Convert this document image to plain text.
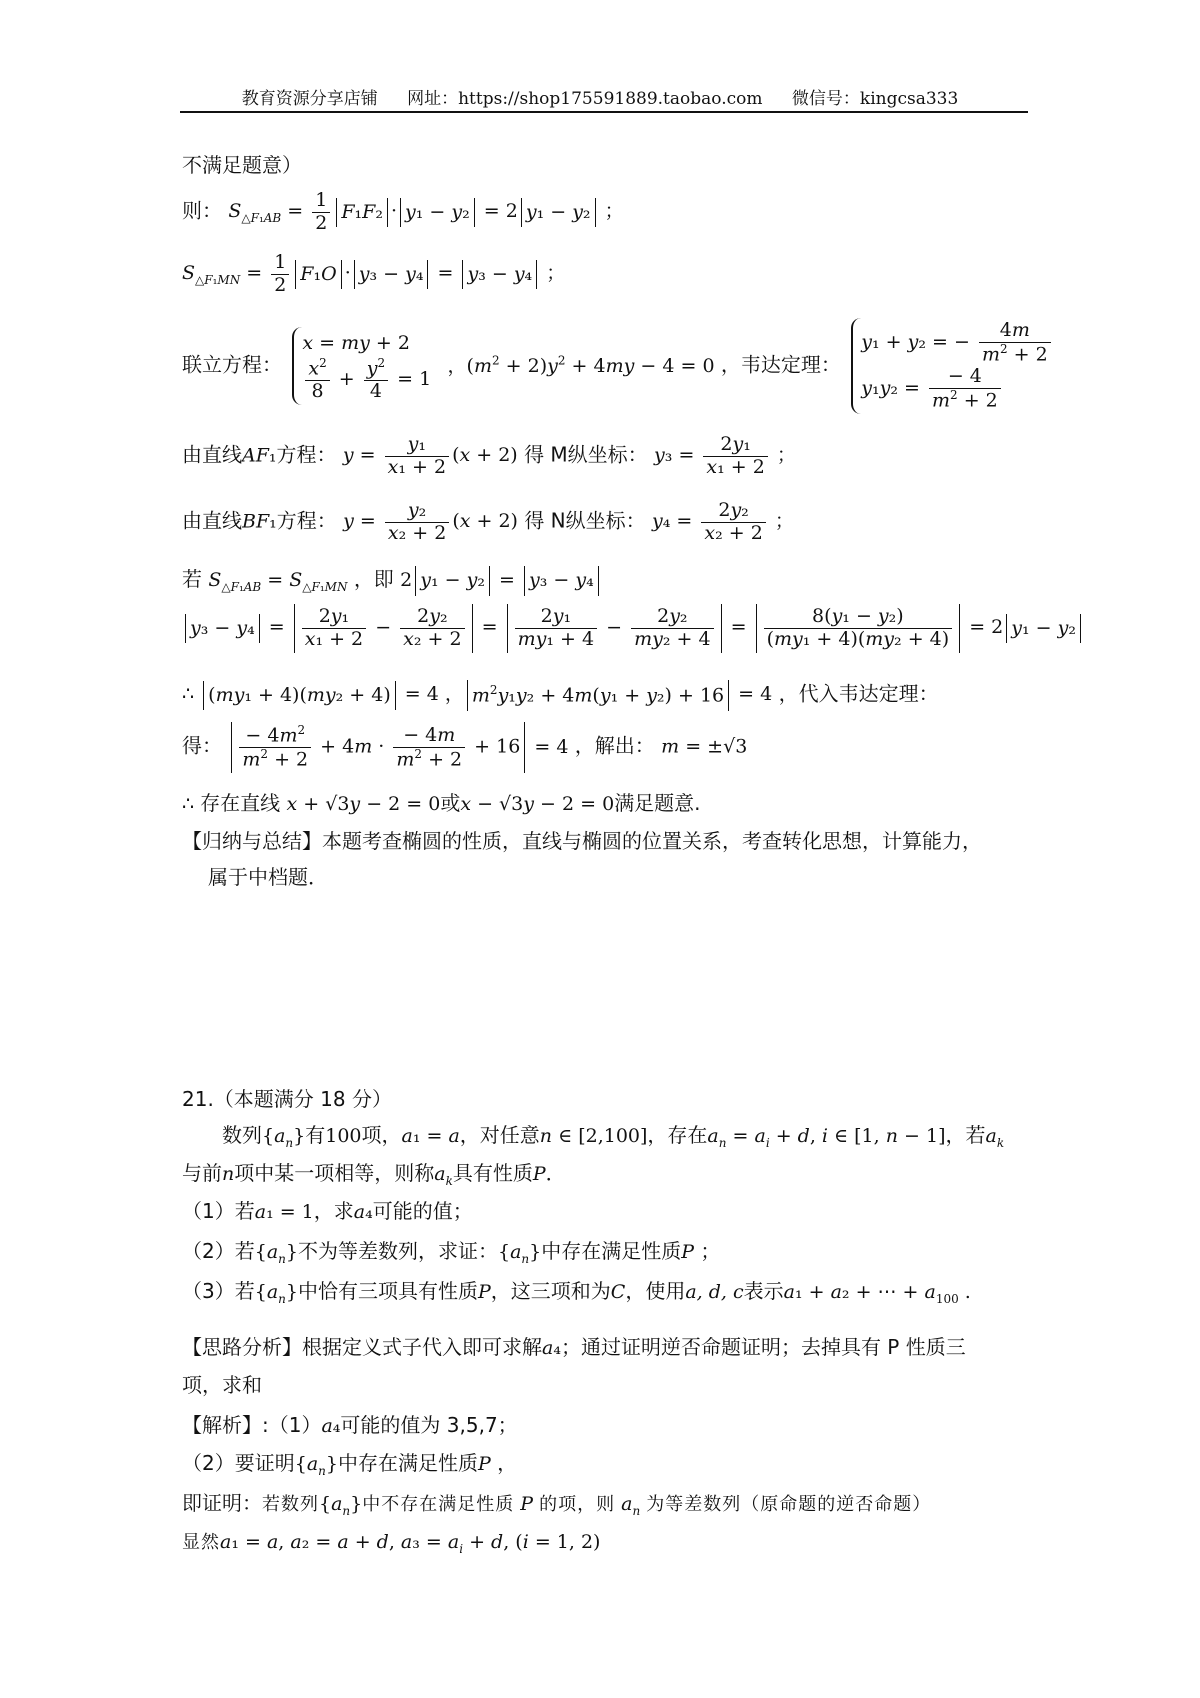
教育资源分享店铺 网址：https://shop175591889.taobao.com 微信号：kingcsa333
不满足题意）
则： $S_{\triangle F_1AB} = \frac{1}{2} F_1F_2 \cdot y_1 - y_2 = 2$ y₁ − y₂ ；
$S_{\triangle F_1MN} = \frac{1}{2} F_1O \cdot y_3 - y_4 = y_3 - y_4$ ；
联立方程：
x = my + 2
$\frac{x^2}{8} + \frac{y^2}{4} = 1$
，$(m^2 + 2)y^2 + 4my - 4 = 0$ ，韦达定理：
y₁ + y₂ = − $\frac{4m}{m^2 + 2}$
$y_1y_2 = \frac{- 4}{m^2 + 2}$
由直线AF₁方程： $y = \frac{\text{y₁}}{\text{x₁ + 2}} (x + 2)$ 得 M纵坐标： $y_3 = \frac{\text{2y₁}}{\text{x₁ + 2}}$ ；
由直线BF₁方程： $y = \frac{\text{y₂}}{\text{x₂ + 2}} (x + 2)$ 得 N纵坐标： $y_4 = \frac{\text{2y₂}}{\text{x₂ + 2}}$ ；
若 $S_{\triangle F_1AB} = S_{\triangle F_1MN}$ ，即 2 y₁ − y₂ = y₃ − y₄
$y_3 - y_4 = \frac{\text{2y₁}}{\text{x₁ + 2}} - \frac{\text{2y₂}}{\text{x₂ + 2}} = \frac{\text{2y₁}}{\text{my₁ + 4}} - \frac{\text{2y₂}}{\text{my₂ + 4}} = \frac{\text{8(y₁ − y₂)}}{\text{(my₁ + 4)(my₂ + 4)}} = 2$ y₁ − y₂
∴ (my₁ + 4)(my₂ + 4) = 4 ， $m^2y_1y_2 + 4m(y_1 + y_2) + 16 = 4$ ，代入韦达定理：
得： $\frac{- 4m^2}{m^2 + 2} + 4m \cdot \frac{- 4m}{m^2 + 2} + 16 = 4$ ，解出： m = ±√3
∴ 存在直线 x + √3y − 2 = 0或x − √3y − 2 = 0满足题意.
【归纳与总结】本题考查椭圆的性质，直线与椭圆的位置关系，考查转化思想，计算能力，
属于中档题．
21.（本题满分 18 分）
数列$\{a_n\}$有100项，a₁ = a，对任意n ∈ [2,100]，存在$a_n = a_i + d$, i ∈ [1, n − 1]，若$a_k$
与前n项中某一项相等，则称$a_k$具有性质P．
（1）若a₁ = 1，求a₄可能的值；
（2）若$\{a_n\}$不为等差数列，求证：$\{a_n\}$中存在满足性质P ；
（3）若$\{a_n\}$中恰有三项具有性质P，这三项和为C，使用a, d, c表示a₁ + a₂ + ⋯ + $a_{100}$ .
【思路分析】根据定义式子代入即可求解a₄；通过证明逆否命题证明；去掉具有 P 性质三
项，求和
【解析】:（1）a₄可能的值为 3,5,7；
（2）要证明$\{a_n\}$中存在满足性质P ，
即证明：若数列$\{a_n\}$中不存在满足性质 P 的项，则 $a_n$ 为等差数列（原命题的逆否命题）
显然a₁ = a, a₂ = a + d, $a_3 = a_i + d$, (i = 1, 2)
